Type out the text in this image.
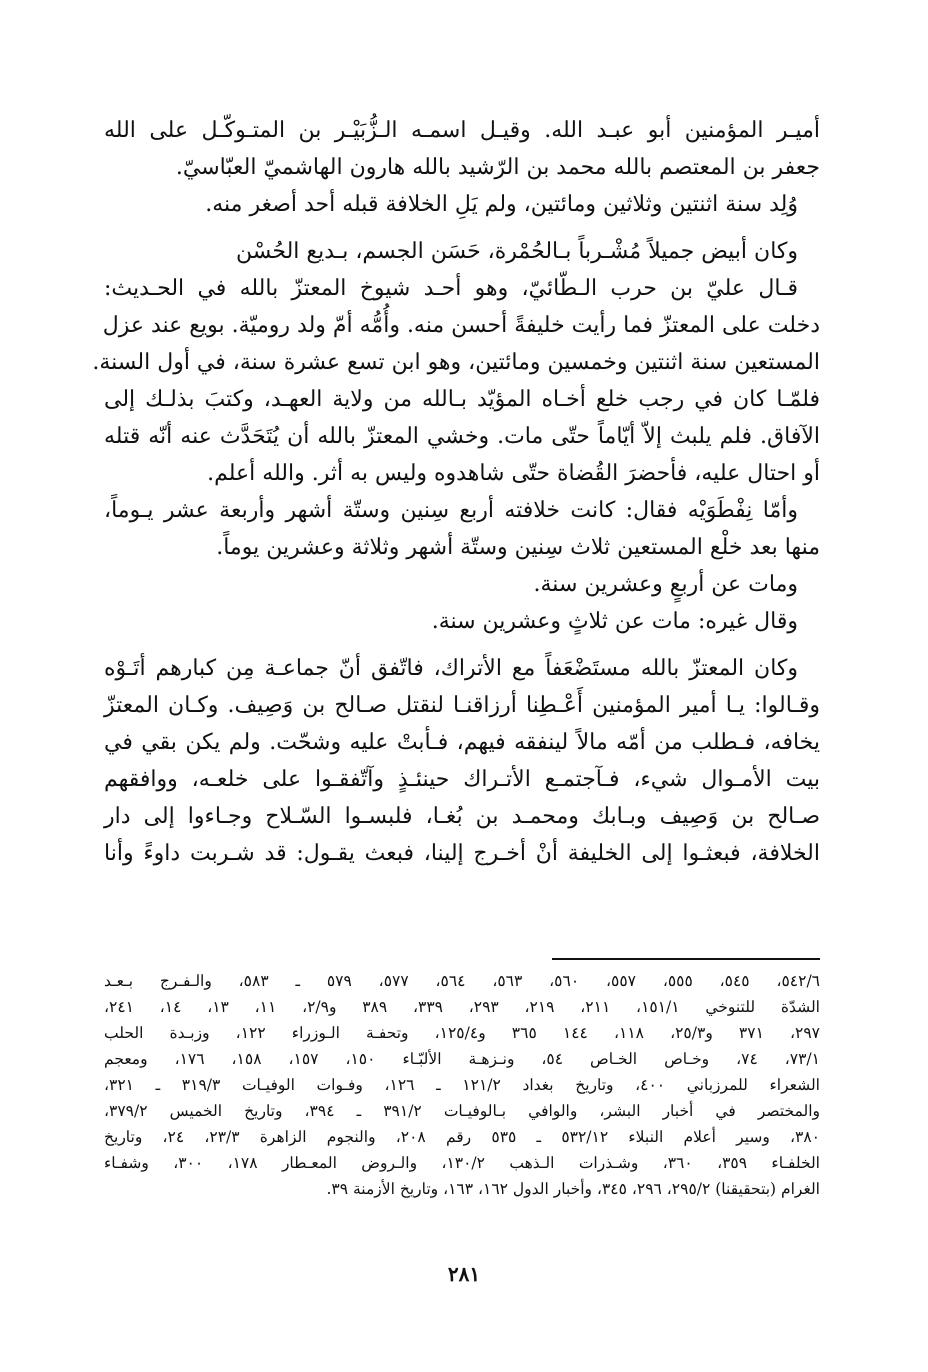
أميـر المؤمنين أبو عبـد الله. وقيـل اسمـه الـزُّبَيْـر بن المتـوكّـل على الله
جعفر بن المعتصم بالله محمد بن الرّشيد بالله هارون الهاشميّ العبّاسيّ.
وُلِد سنة اثنتين وثلاثين ومائتين، ولم يَلِ الخلافة قبله أحد أصغر منه.
وكان أبيض جميلاً مُشْـرباً بـالحُمْرة، حَسَن الجسم، بـديع الحُسْن
قـال عليّ بن حرب الـطّائيّ، وهو أحـد شيوخ المعتزّ بالله في الحـديث:
دخلت على المعتزّ فما رأيت خليفةً أحسن منه. وأُمُّه أمّ ولد روميّة. بويع عند عزل
المستعين سنة اثنتين وخمسين ومائتين، وهو ابن تسع عشرة سنة، في أول السنة.
فلمّـا كان في رجب خلع أخـاه المؤيّد بـالله من ولاية العهـد، وكتبَ بذلـك إلى
الآفاق. فلم يلبث إلاّ أيّاماً حتّى مات. وخشي المعتزّ بالله أن يُتَحَدَّث عنه أنّه قتله
أو احتال عليه، فأحضرَ القُضاة حتّى شاهدوه وليس به أثر. والله أعلم.
وأمّا نِفْطَوَيْه فقال: كانت خلافته أربع سِنين وستّة أشهر وأربعة عشر يـوماً،
منها بعد خلْع المستعين ثلاث سِنين وستّة أشهر وثلاثة وعشرين يوماً.
ومات عن أربعٍ وعشرين سنة.
وقال غيره: مات عن ثلاثٍ وعشرين سنة.
وكان المعتزّ بالله مستَضْعَفاً مع الأتراك، فاتّفق أنّ جماعـة مِن كبارهم أتَـوْه
وقـالوا: يـا أمير المؤمنين أَعْـطِنا أرزاقنـا لنقتل صـالح بن وَصِيف. وكـان المعتزّ
يخافه، فـطلب من أمّه مالاً لينفقه فيهم، فـأبتْ عليه وشحّت. ولم يكن بقي في
بيت الأمـوال شيء، فـآجتمـع الأتـراك حينئـذٍ وآتّفقـوا على خلعـه، ووافقهم
صـالح بن وَصِيف وبـابك ومحمـد بن بُغـا، فلبسـوا السّـلاح وجـاءوا إلى دار
الخلافة، فبعثـوا إلى الخليفة أنْ أخـرج إلينا، فبعث يقـول: قد شـربت داوءً وأنا
٥٤٢/٦، ٥٤٥، ٥٥٥، ٥٥٧، ٥٦٠، ٥٦٣، ٥٦٤، ٥٧٧، ٥٧٩ ـ ٥٨٣، والـفـرج بـعـد
الشدّة للتنوخي ١٥١/١، ٢١١، ٢١٩، ٢٩٣، ٣٣٩، ٣٨٩ و٢/٩، ١١، ١٣، ١٤، ٢٤١،
٢٩٧، ٣٧١ و٢٥/٣، ١١٨، ١٤٤ ٣٦٥ و١٢٥/٤، وتحفـة الـوزراء ١٢٢، وزبـدة الحلب
٧٣/١، ٧٤، وخـاص الخـاص ٥٤، ونـزهـة الألبّـاء ١٥٠، ١٥٧، ١٥٨، ١٧٦، ومعجم
الشعراء للمرزباني ٤٠٠، وتاريخ بغداد ١٢١/٢ ـ ١٢٦، وفـوات الوفيـات ٣١٩/٣ ـ ٣٢١،
والمختصر في أخبار البشر، والوافي بـالوفيـات ٣٩١/٢ ـ ٣٩٤، وتاريخ الخميس ٣٧٩/٢،
٣٨٠، وسير أعلام النبلاء ٥٣٢/١٢ ـ ٥٣٥ رقم ٢٠٨، والنجوم الزاهرة ٢٣/٣، ٢٤، وتاريخ
الخلفـاء ٣٥٩، ٣٦٠، وشـذرات الـذهب ١٣٠/٢، والـروض المعـطار ١٧٨، ٣٠٠، وشفـاء
الغرام (بتحقيقنا) ٢٩٥/٢، ٢٩٦، ٣٤٥، وأخبار الدول ١٦٢، ١٦٣، وتاريخ الأزمنة ٣٩.
٢٨١
